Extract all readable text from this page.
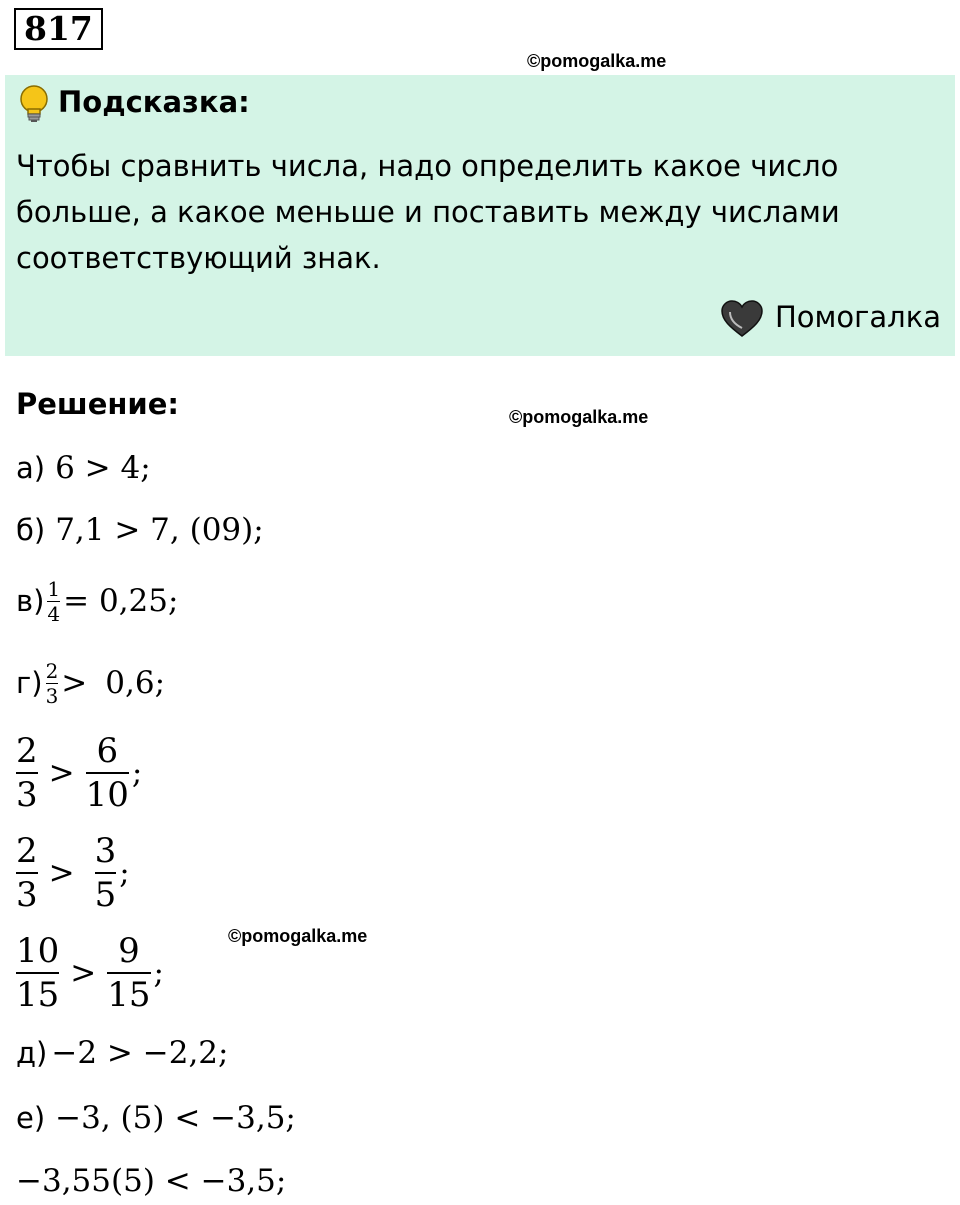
817
©pomogalka.me
Подсказка:
Чтобы сравнить числа, надо определить какое число
больше, а какое меньше и поставить между числами
соответствующий знак.
Помогалка
Решение:	©pomogalka.me
а) 6 > 4;
б) 7,1 > 7, (09);
$в) \frac{1}{4} = 0,25$;
$г) \frac{2}{3} > 0,6$;
$\frac{2}{3} > \frac{6}{10}$ ;
$\frac{2}{3} > \frac{3}{5}$ ;
©pomogalka.me
$\frac{10}{15} > \frac{9}{15}$ ;
д) −2 > −2,2;
е) −3, (5) < −3,5;
−3,55(5) < −3,5;
